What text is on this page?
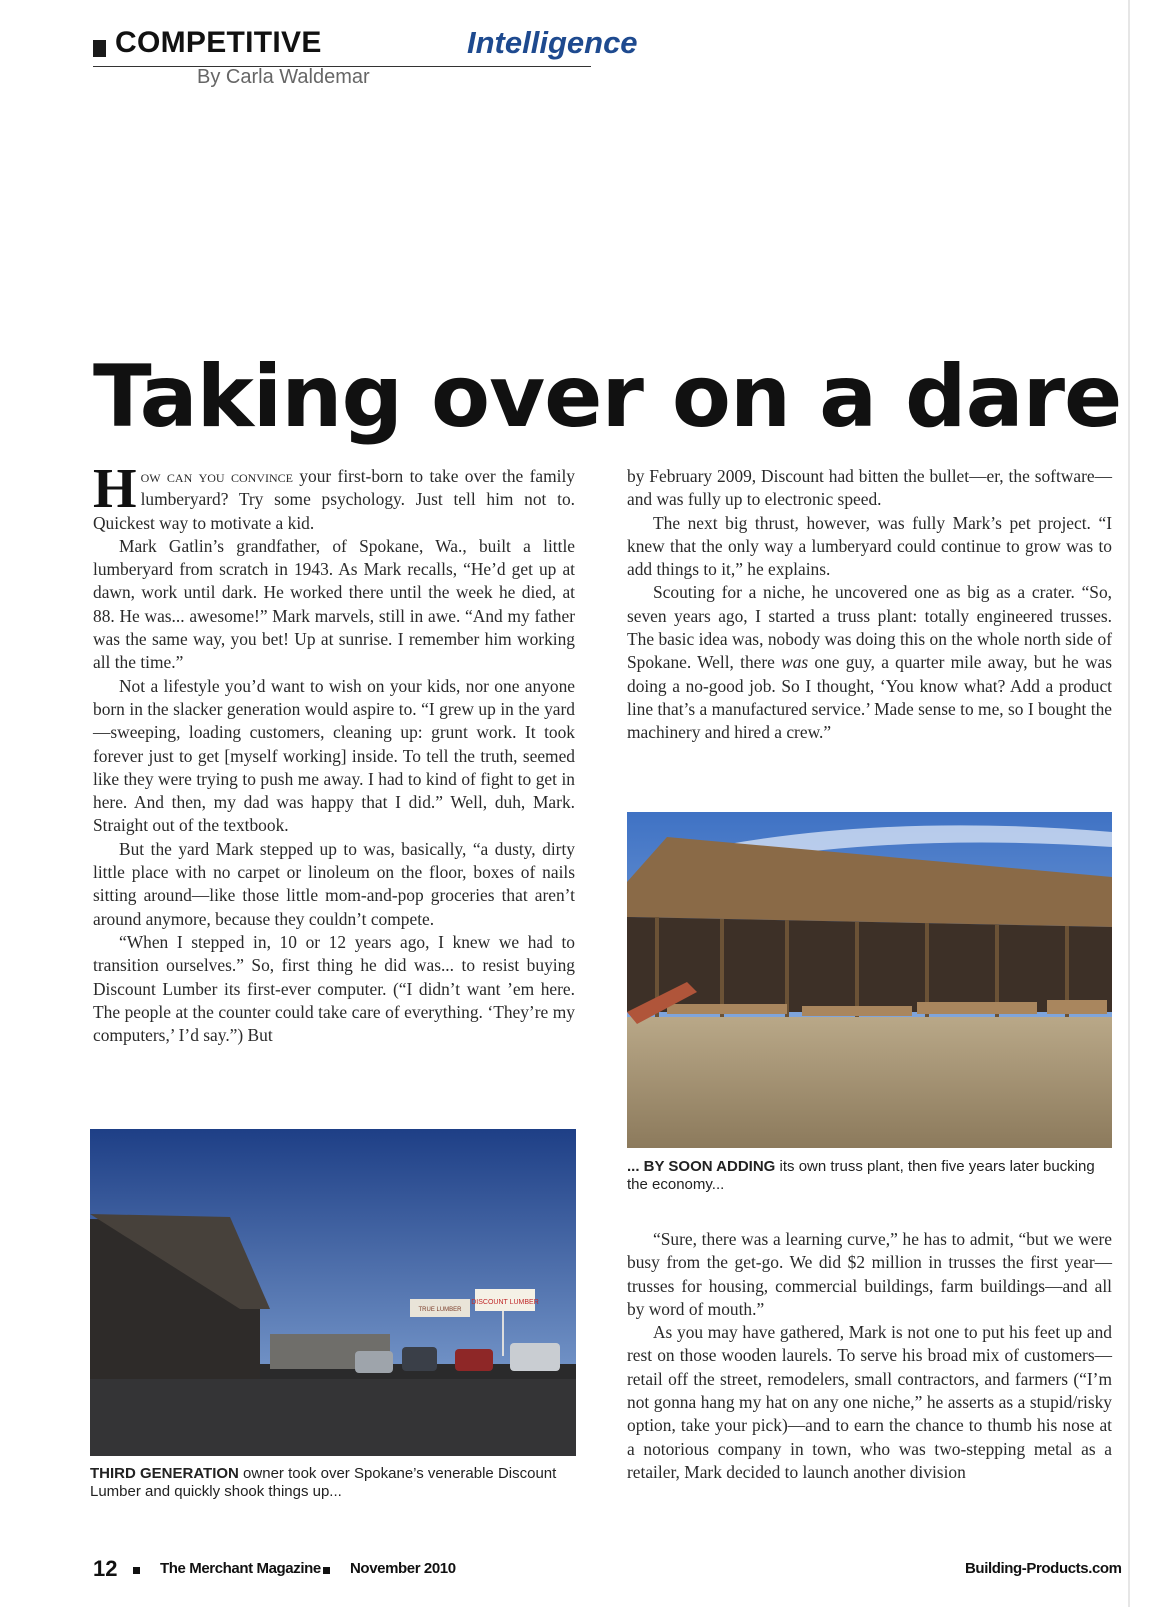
COMPETITIVE	Intelligence
By Carla Waldemar
Taking over on a dare

How can you convince your first-born to take over the family lumberyard? Try some psychology. Just tell him not to. Quickest way to motivate a kid.

Mark Gatlin’s grandfather, of Spokane, Wa., built a little lumberyard from scratch in 1943. As Mark recalls, “He’d get up at dawn, work until dark. He worked there until the week he died, at 88. He was... awesome!” Mark marvels, still in awe. “And my father was the same way, you bet! Up at sunrise. I remember him working all the time.”

Not a lifestyle you’d want to wish on your kids, nor one anyone born in the slacker generation would aspire to. “I grew up in the yard—sweeping, loading customers, cleaning up: grunt work. It took forever just to get [myself working] inside. To tell the truth, seemed like they were trying to push me away. I had to kind of fight to get in here. And then, my dad was happy that I did.” Well, duh, Mark. Straight out of the textbook.

But the yard Mark stepped up to was, basically, “a dusty, dirty little place with no carpet or linoleum on the floor, boxes of nails sitting around—like those little mom-and-pop groceries that aren’t around anymore, because they couldn’t compete.

“When I stepped in, 10 or 12 years ago, I knew we had to transition ourselves.” So, first thing he did was... to resist buying Discount Lumber its first-ever computer. (“I didn’t want ’em here. The people at the counter could take care of everything. ‘They’re my computers,’ I’d say.”) But

by February 2009, Discount had bitten the bullet—er, the software—and was fully up to electronic speed.

The next big thrust, however, was fully Mark’s pet project. “I knew that the only way a lumberyard could continue to grow was to add things to it,” he explains.

Scouting for a niche, he uncovered one as big as a crater. “So, seven years ago, I started a truss plant: totally engineered trusses. The basic idea was, nobody was doing this on the whole north side of Spokane. Well, there was one guy, a quarter mile away, but he was doing a no-good job. So I thought, ‘You know what? Add a product line that’s a manufactured service.’ Made sense to me, so I bought the machinery and hired a crew.”

... BY SOON ADDING its own truss plant, then five years later bucking the economy...
DISCOUNT LUMBER
TRUE LUMBER
THIRD GENERATION owner took over Spokane’s venerable Discount Lumber and quickly shook things up...

“Sure, there was a learning curve,” he has to admit, “but we were busy from the get-go. We did $2 million in trusses the first year—trusses for housing, commercial buildings, farm buildings—and all by word of mouth.”

As you may have gathered, Mark is not one to put his feet up and rest on those wooden laurels. To serve his broad mix of customers—retail off the street, remodelers, small contractors, and farmers (“I’m not gonna hang my hat on any one niche,” he asserts as a stupid/risky option, take your pick)—and to earn the chance to thumb his nose at a notorious company in town, who was two-stepping metal as a retailer, Mark decided to launch another division

12	The Merchant Magazine November 2010	Building-Products.com
